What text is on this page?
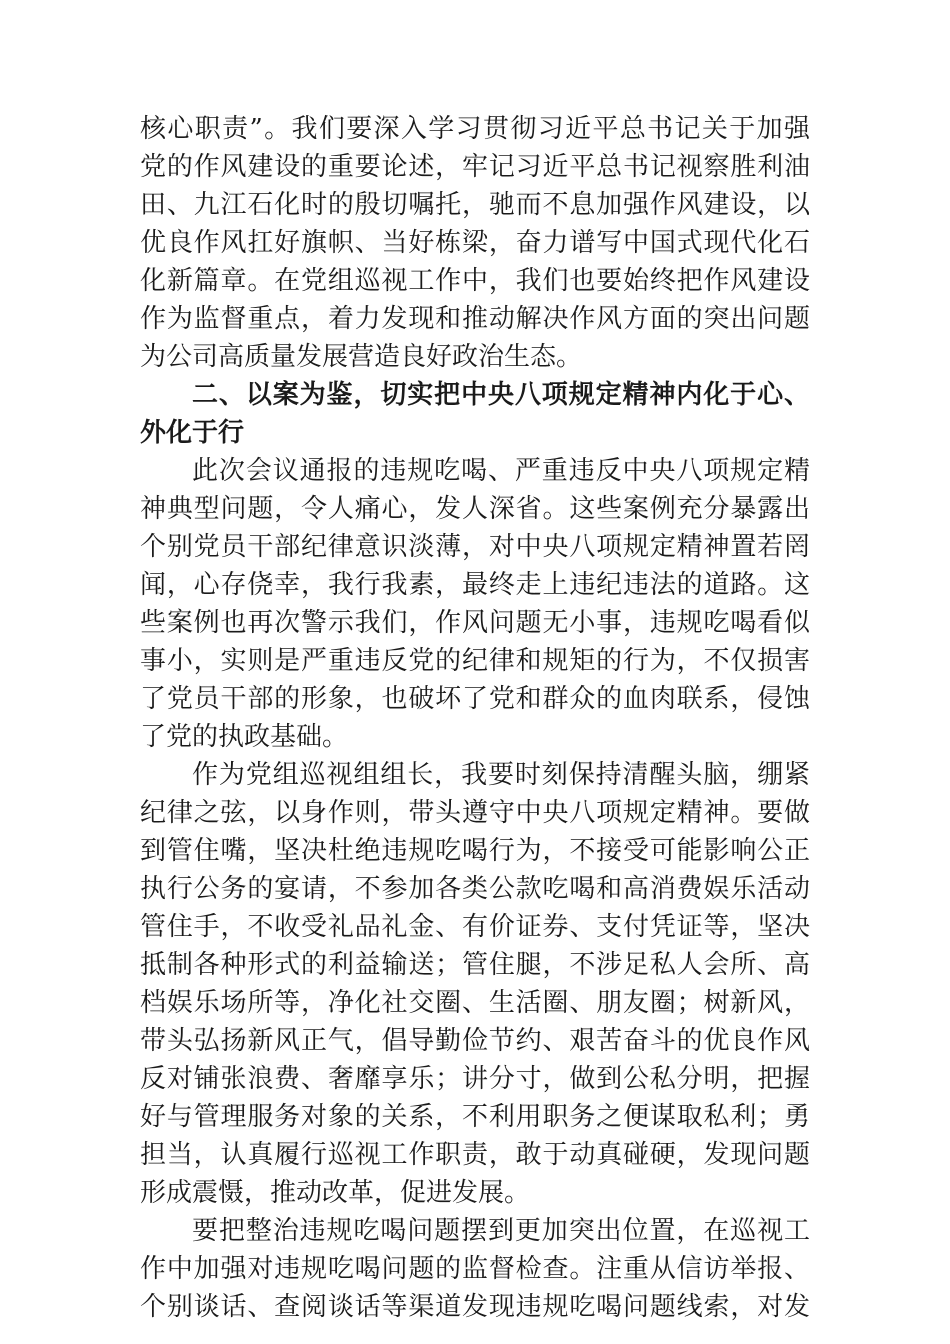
核心职责”。我们要深入学习贯彻习近平总书记关于加强
党的作风建设的重要论述，牢记习近平总书记视察胜利油
田、九江石化时的殷切嘱托，驰而不息加强作风建设，以
优良作风扛好旗帜、当好栋梁，奋力谱写中国式现代化石
化新篇章。在党组巡视工作中，我们也要始终把作风建设
作为监督重点，着力发现和推动解决作风方面的突出问题
为公司高质量发展营造良好政治生态。
二、以案为鉴，切实把中央八项规定精神内化于心、
外化于行
此次会议通报的违规吃喝、严重违反中央八项规定精
神典型问题，令人痛心，发人深省。这些案例充分暴露出
个别党员干部纪律意识淡薄，对中央八项规定精神置若罔
闻，心存侥幸，我行我素，最终走上违纪违法的道路。这
些案例也再次警示我们，作风问题无小事，违规吃喝看似
事小，实则是严重违反党的纪律和规矩的行为，不仅损害
了党员干部的形象，也破坏了党和群众的血肉联系，侵蚀
了党的执政基础。
作为党组巡视组组长，我要时刻保持清醒头脑，绷紧
纪律之弦，以身作则，带头遵守中央八项规定精神。要做
到管住嘴，坚决杜绝违规吃喝行为，不接受可能影响公正
执行公务的宴请，不参加各类公款吃喝和高消费娱乐活动
管住手，不收受礼品礼金、有价证券、支付凭证等，坚决
抵制各种形式的利益输送；管住腿，不涉足私人会所、高
档娱乐场所等，净化社交圈、生活圈、朋友圈；树新风，
带头弘扬新风正气，倡导勤俭节约、艰苦奋斗的优良作风
反对铺张浪费、奢靡享乐；讲分寸，做到公私分明，把握
好与管理服务对象的关系，不利用职务之便谋取私利；勇
担当，认真履行巡视工作职责，敢于动真碰硬，发现问题
形成震慑，推动改革，促进发展。
要把整治违规吃喝问题摆到更加突出位置，在巡视工
作中加强对违规吃喝问题的监督检查。注重从信访举报、
个别谈话、查阅谈话等渠道发现违规吃喝问题线索，对发
